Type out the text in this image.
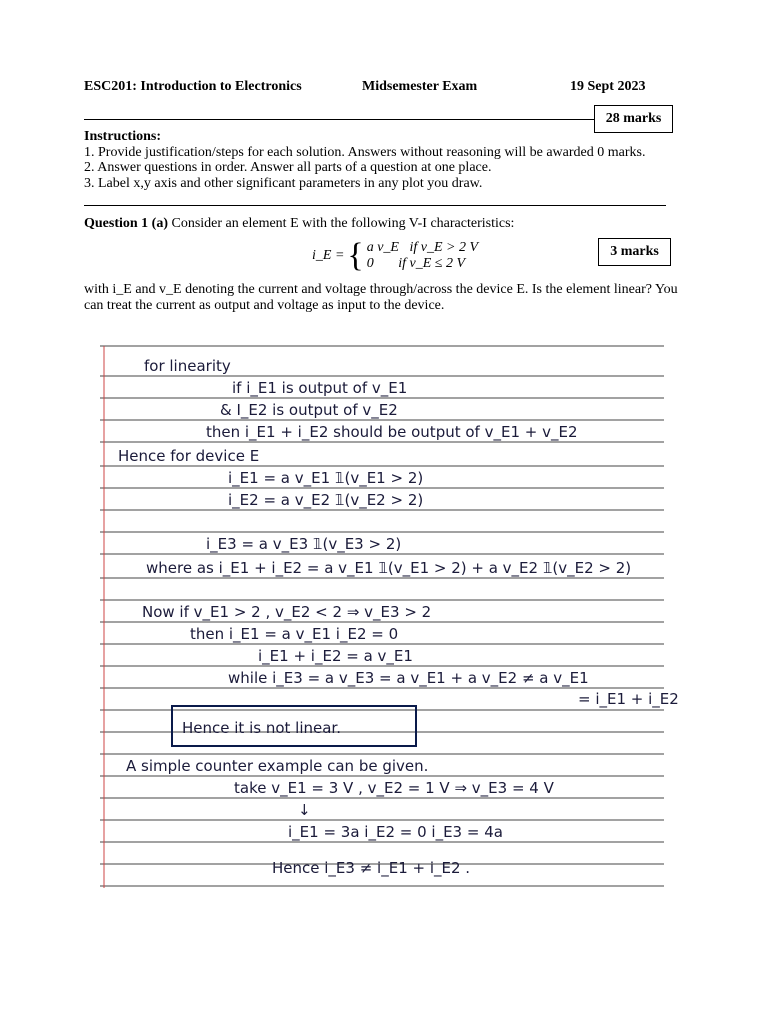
ESC201: Introduction to Electronics	Midsemester Exam	19 Sept 2023
28 marks
Instructions:
1. Provide justification/steps for each solution. Answers without reasoning will be awarded 0 marks.
2. Answer questions in order. Answer all parts of a question at one place.
3. Label x,y axis and other significant parameters in any plot you draw.
Question 1 (a) Consider an element E with the following V-I characteristics:
i_E = { a v_E   if v_E > 2 V
0       if v_E ≤ 2 V
3 marks
with i_E and v_E denoting the current and voltage through/across the device E. Is the element linear? You can treat the current as output and voltage as input to the device.
for linearity
if i_E1 is output of v_E1
& I_E2 is output of v_E2
then i_E1 + i_E2 should be output of v_E1 + v_E2
Hence for device E
i_E1 = a v_E1 𝟙(v_E1 > 2)
i_E2 = a v_E2 𝟙(v_E2 > 2)
i_E3 = a v_E3 𝟙(v_E3 > 2)
where as i_E1 + i_E2 = a v_E1 𝟙(v_E1 > 2) + a v_E2 𝟙(v_E2 > 2)
Now if v_E1 > 2 , v_E2 < 2 ⇒ v_E3 > 2
then i_E1 = a v_E1 i_E2 = 0
i_E1 + i_E2 = a v_E1
while i_E3 = a v_E3 = a v_E1 + a v_E2 ≠ a v_E1
= i_E1 + i_E2
Hence it is not linear.
A simple counter example can be given.
take v_E1 = 3 V , v_E2 = 1 V ⇒ v_E3 = 4 V
↓
i_E1 = 3a i_E2 = 0 i_E3 = 4a
Hence i_E3 ≠ i_E1 + i_E2 .
